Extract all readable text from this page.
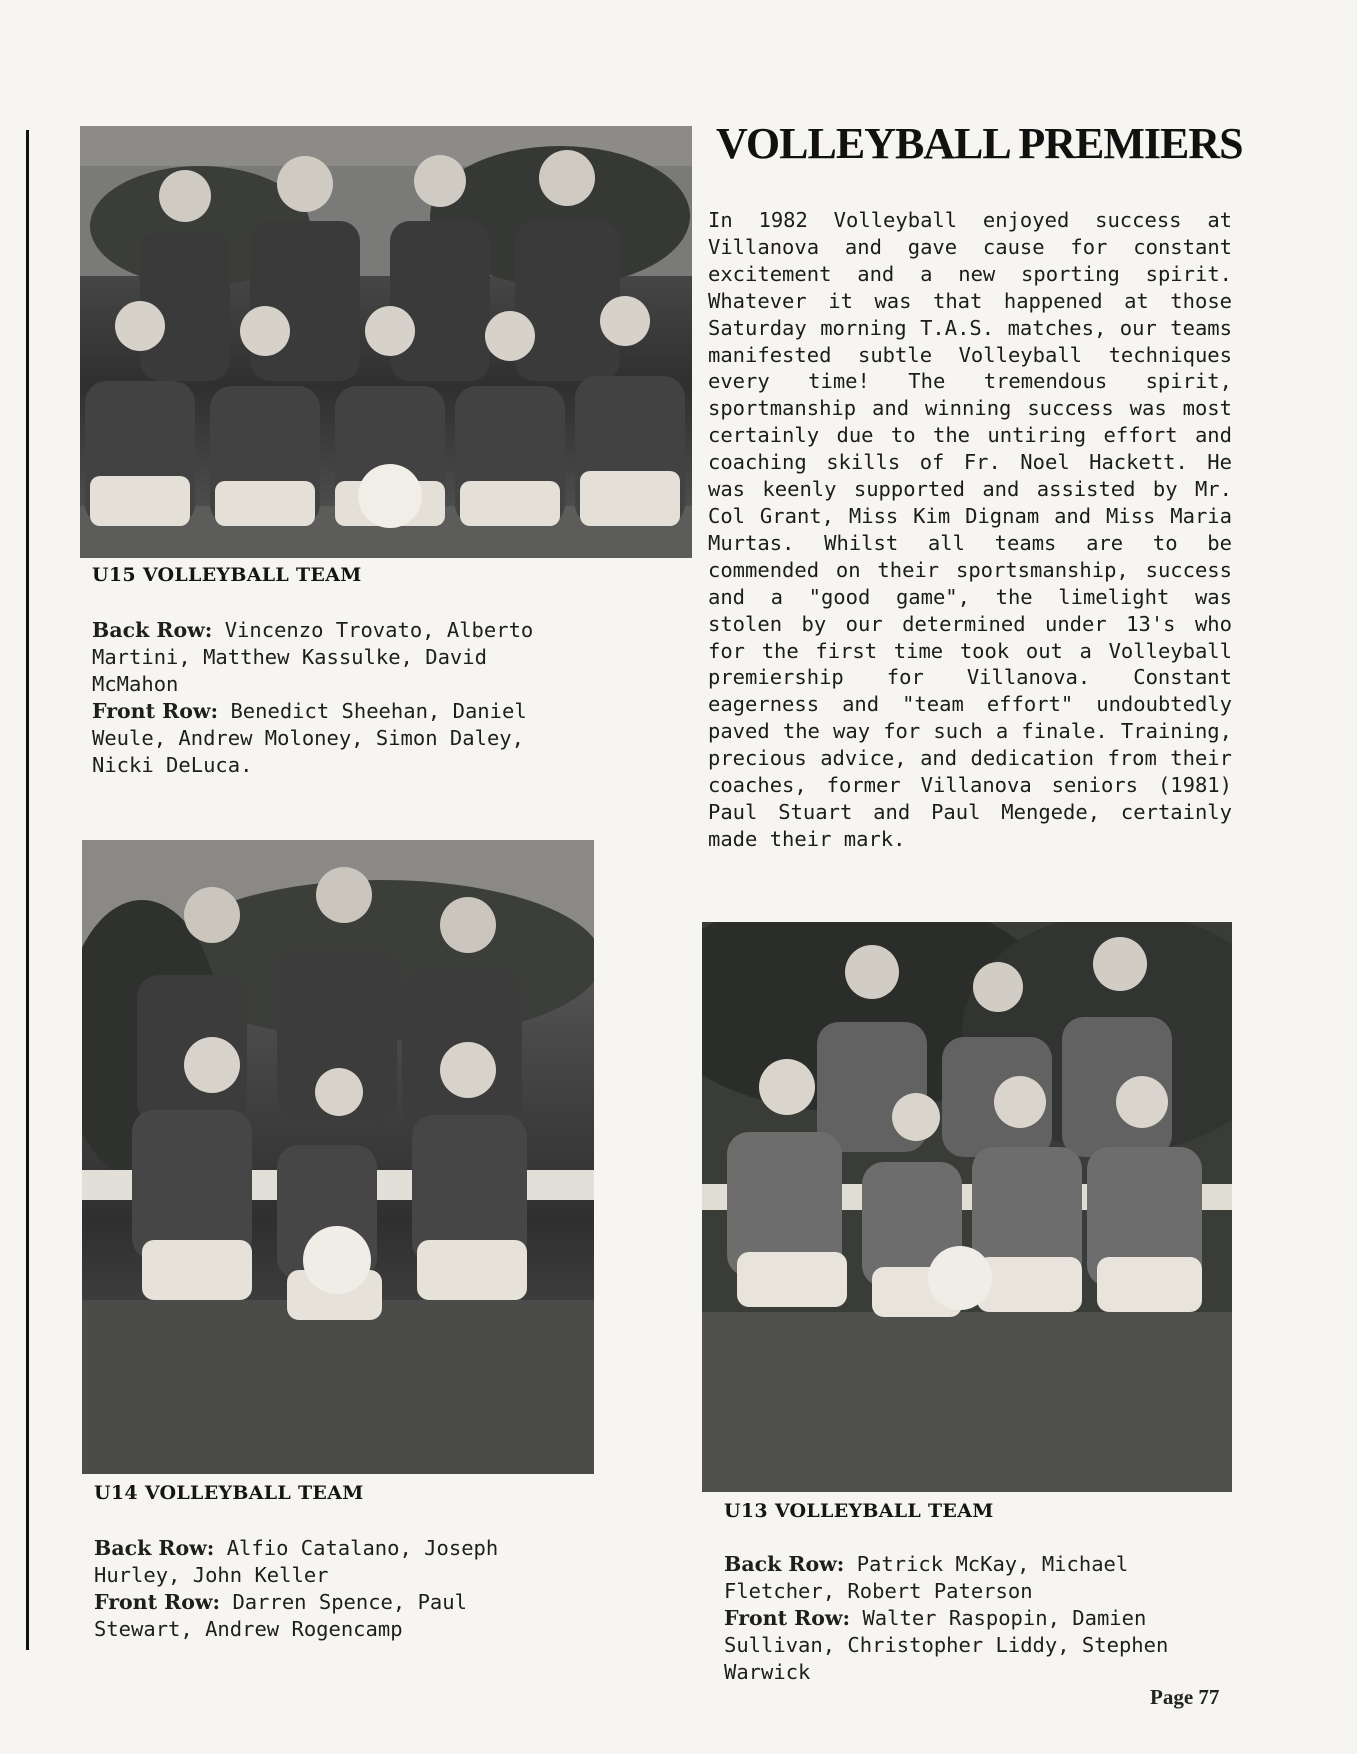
U15 VOLLEYBALL TEAM
Back Row: Vincenzo Trovato, Alberto Martini, Matthew Kassulke, David McMahon
Front Row: Benedict Sheehan, Daniel Weule, Andrew Moloney, Simon Daley, Nicki DeLuca.
U14 VOLLEYBALL TEAM
Back Row: Alfio Catalano, Joseph Hurley, John Keller
Front Row: Darren Spence, Paul Stewart, Andrew Rogencamp
VOLLEYBALL PREMIERS
In 1982 Volleyball enjoyed success at Villanova and gave cause for constant excitement and a new sporting spirit. Whatever it was that happened at those Saturday morning T.A.S. matches, our teams manifested subtle Volleyball techniques every time! The tremendous spirit, sportmanship and winning success was most certainly due to the untiring effort and coaching skills of Fr. Noel Hackett. He was keenly supported and assisted by Mr. Col Grant, Miss Kim Dignam and Miss Maria Murtas. Whilst all teams are to be commended on their sportsmanship, success and a "good game", the limelight was stolen by our determined under 13's who for the first time took out a Volleyball premiership for Villanova. Constant eagerness and "team effort" undoubtedly paved the way for such a finale. Training, precious advice, and dedication from their coaches, former Villanova seniors (1981) Paul Stuart and Paul Mengede, certainly made their mark.
U13 VOLLEYBALL TEAM
Back Row: Patrick McKay, Michael Fletcher, Robert Paterson
Front Row: Walter Raspopin, Damien Sullivan, Christopher Liddy, Stephen Warwick
Page 77
